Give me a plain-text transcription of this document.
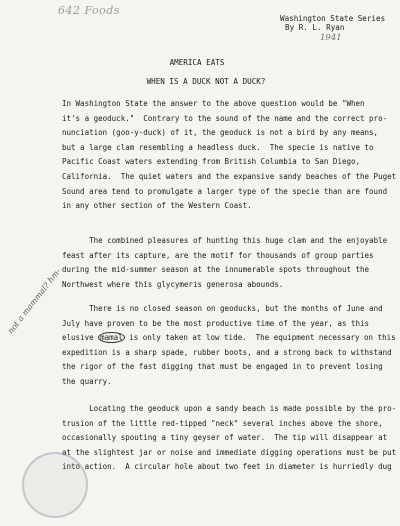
642 Foods
Washington State Series
By R. L. Ryan
1941
AMERICA EATS
WHEN IS A DUCK NOT A DUCK?
In Washington State the answer to the above question would be "When
it's a geoduck."  Contrary to the sound of the name and the correct pro-
nunciation (goo-y-duck) of it, the geoduck is not a bird by any means,
but a large clam resembling a headless duck.  The specie is native to
Pacific Coast waters extending from British Columbia to San Diego,
California.  The quiet waters and the expansive sandy beaches of the Puget
Sound area tend to promulgate a larger type of the specie than are found
in any other section of the Western Coast.
The combined pleasures of hunting this huge clam and the enjoyable
feast after its capture, are the motif for thousands of group parties
during the mid-summer season at the innumerable spots throughout the
Northwest where this glycymeris generosa abounds.
There is no closed season on geoducks, but the months of June and
July have proven to be the most productive time of the year, as this
elusive mamal is only taken at low tide.  The equipment necessary on this
expedition is a sharp spade, rubber boots, and a strong back to withstand
the rigor of the fast digging that must be engaged in to prevent losing
the quarry.
Locating the geoduck upon a sandy beach is made possible by the pro-
trusion of the little red-tipped "neck" several inches above the shore,
occasionally spouting a tiny geyser of water.  The tip will disappear at
at the slightest jar or noise and immediate digging operations must be put
into action.  A circular hole about two feet in diameter is hurriedly dug
not a mammal? hm-
